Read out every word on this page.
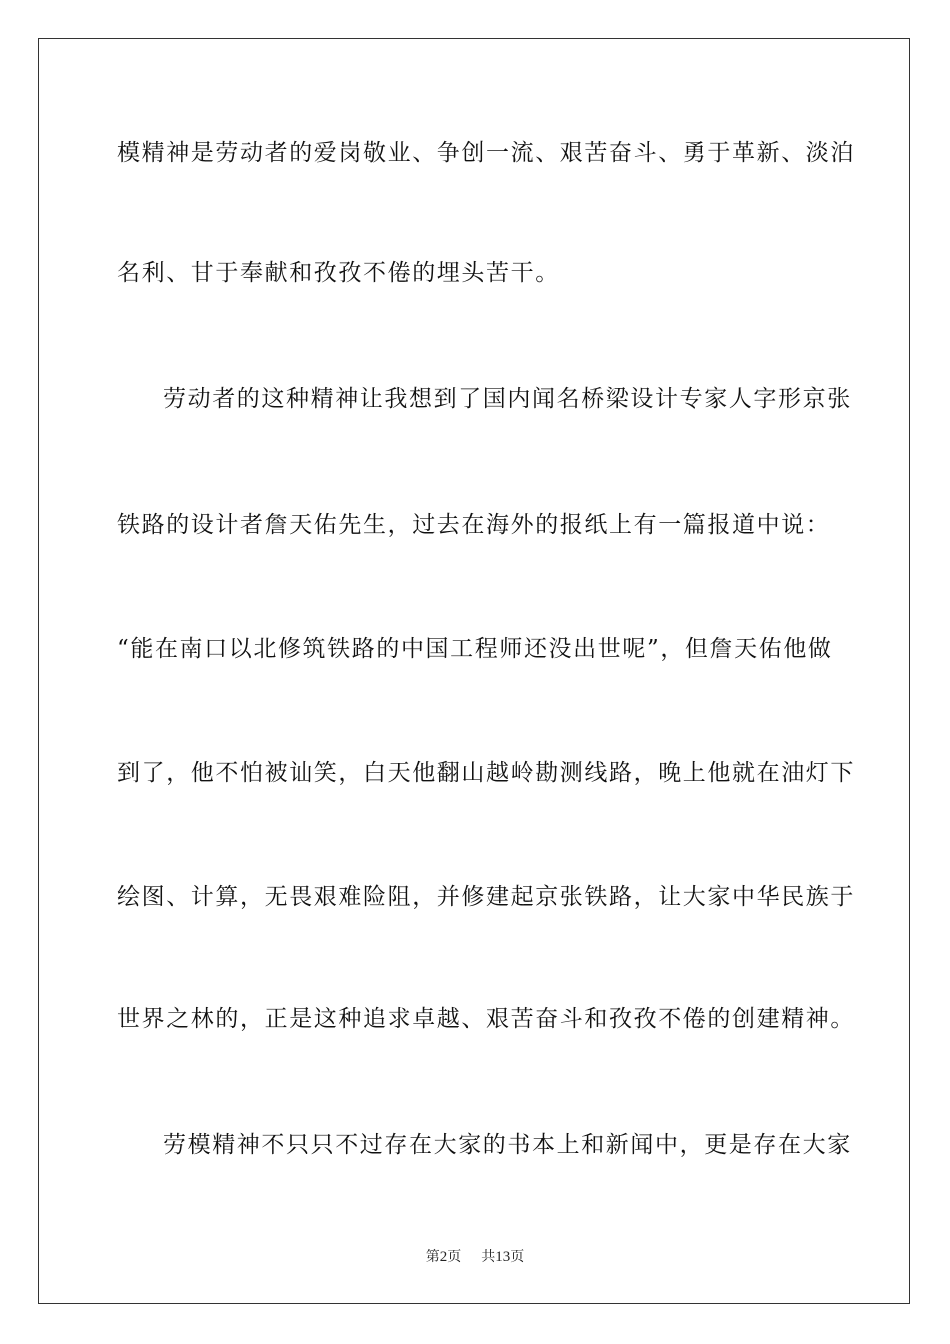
模精神是劳动者的爱岗敬业、争创一流、艰苦奋斗、勇于革新、淡泊
名利、甘于奉献和孜孜不倦的埋头苦干。
劳动者的这种精神让我想到了国内闻名桥梁设计专家人字形京张
铁路的设计者詹天佑先生，过去在海外的报纸上有一篇报道中说：
“能在南口以北修筑铁路的中国工程师还没出世呢”，但詹天佑他做
到了，他不怕被讪笑，白天他翻山越岭勘测线路，晚上他就在油灯下
绘图、计算，无畏艰难险阻，并修建起京张铁路，让大家中华民族于
世界之林的，正是这种追求卓越、艰苦奋斗和孜孜不倦的创建精神。
劳模精神不只只不过存在大家的书本上和新闻中，更是存在大家
第2页 共13页
